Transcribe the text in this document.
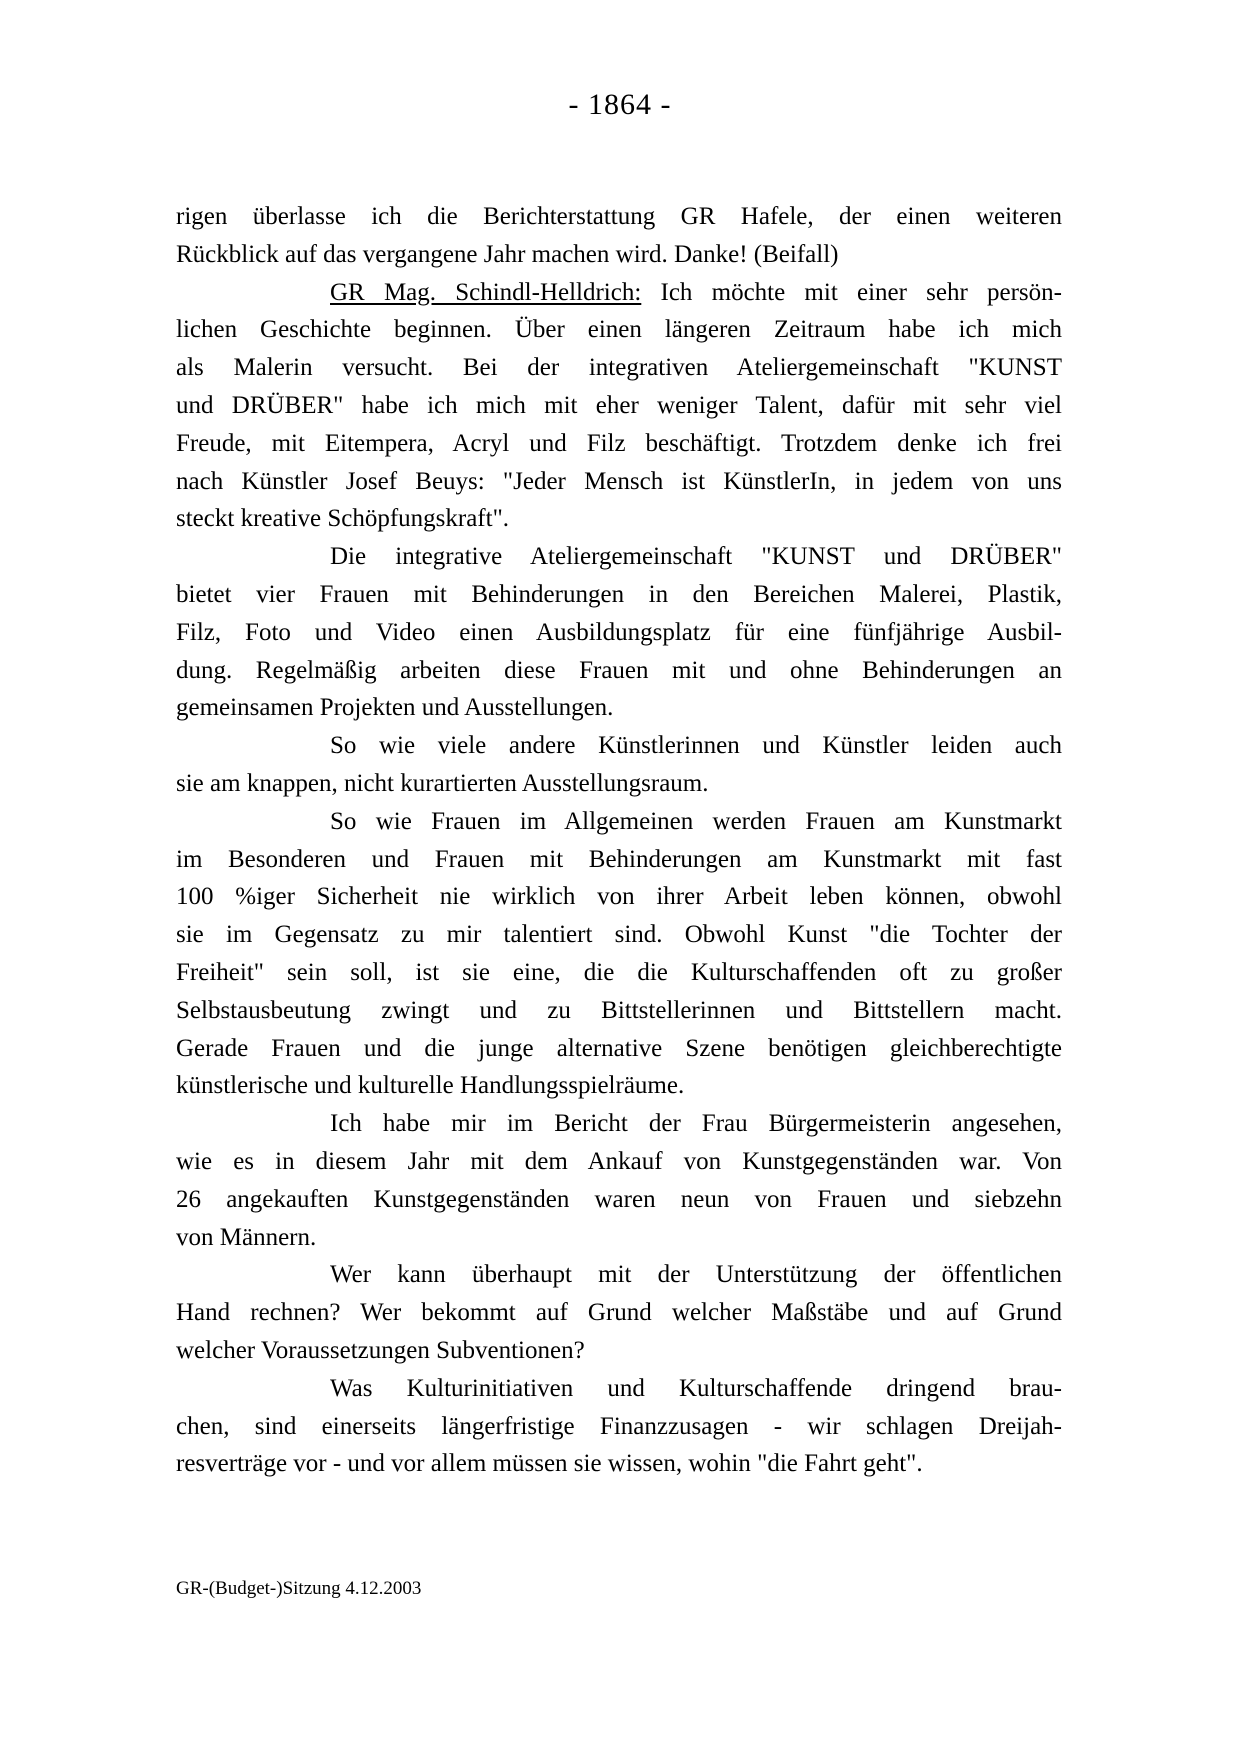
- 1864 -
rigen überlasse ich die Berichterstattung GR Hafele, der einen weiteren
Rückblick auf das vergangene Jahr machen wird. Danke! (Beifall)
GR Mag. Schindl-Helldrich: Ich möchte mit einer sehr persön-
lichen Geschichte beginnen. Über einen längeren Zeitraum habe ich mich
als Malerin versucht. Bei der integrativen Ateliergemeinschaft "KUNST
und DRÜBER" habe ich mich mit eher weniger Talent, dafür mit sehr viel
Freude, mit Eitempera, Acryl und Filz beschäftigt. Trotzdem denke ich frei
nach Künstler Josef Beuys: "Jeder Mensch ist KünstlerIn, in jedem von uns
steckt kreative Schöpfungskraft".
Die integrative Ateliergemeinschaft "KUNST und DRÜBER"
bietet vier Frauen mit Behinderungen in den Bereichen Malerei, Plastik,
Filz, Foto und Video einen Ausbildungsplatz für eine fünfjährige Ausbil-
dung. Regelmäßig arbeiten diese Frauen mit und ohne Behinderungen an
gemeinsamen Projekten und Ausstellungen.
So wie viele andere Künstlerinnen und Künstler leiden auch
sie am knappen, nicht kurartierten Ausstellungsraum.
So wie Frauen im Allgemeinen werden Frauen am Kunstmarkt
im Besonderen und Frauen mit Behinderungen am Kunstmarkt mit fast
100 %iger Sicherheit nie wirklich von ihrer Arbeit leben können, obwohl
sie im Gegensatz zu mir talentiert sind. Obwohl Kunst "die Tochter der
Freiheit" sein soll, ist sie eine, die die Kulturschaffenden oft zu großer
Selbstausbeutung zwingt und zu Bittstellerinnen und Bittstellern macht.
Gerade Frauen und die junge alternative Szene benötigen gleichberechtigte
künstlerische und kulturelle Handlungsspielräume.
Ich habe mir im Bericht der Frau Bürgermeisterin angesehen,
wie es in diesem Jahr mit dem Ankauf von Kunstgegenständen war. Von
26 angekauften Kunstgegenständen waren neun von Frauen und siebzehn
von Männern.
Wer kann überhaupt mit der Unterstützung der öffentlichen
Hand rechnen? Wer bekommt auf Grund welcher Maßstäbe und auf Grund
welcher Voraussetzungen Subventionen?
Was Kulturinitiativen und Kulturschaffende dringend brau-
chen, sind einerseits längerfristige Finanzzusagen - wir schlagen Dreijah-
resverträge vor - und vor allem müssen sie wissen, wohin "die Fahrt geht".
GR-(Budget-)Sitzung 4.12.2003
